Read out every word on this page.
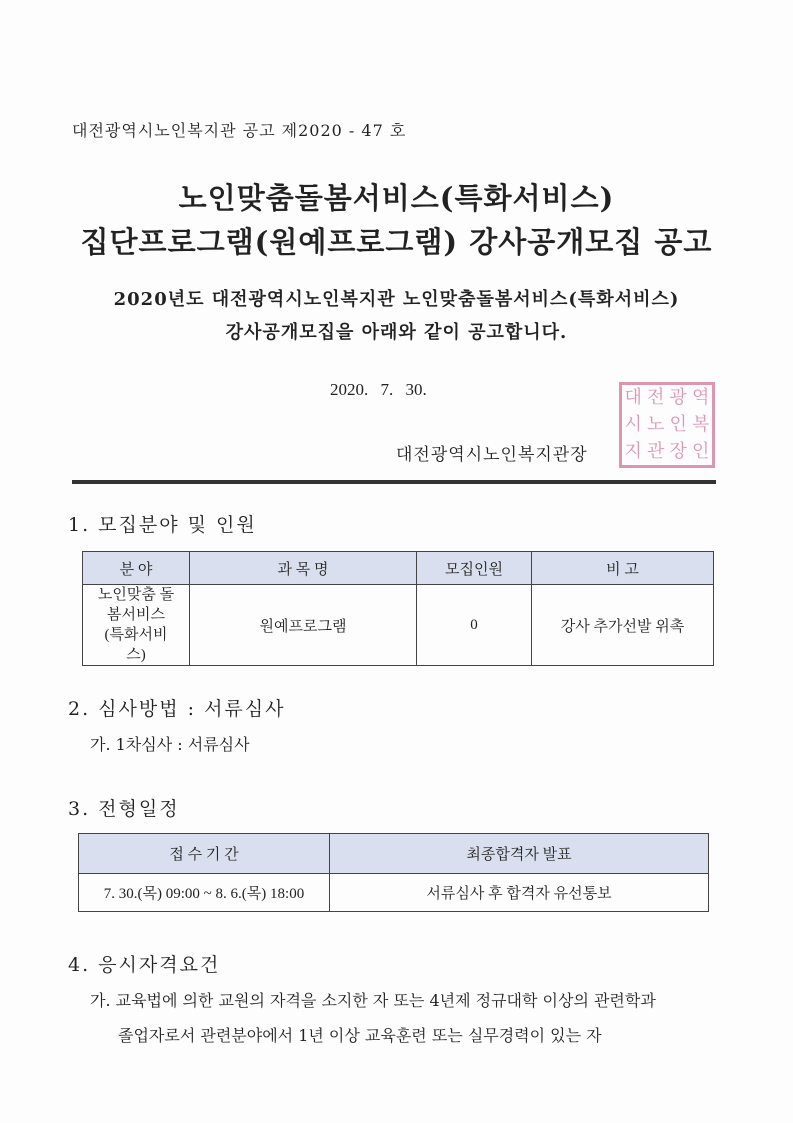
대전광역시노인복지관 공고 제2020 - 47 호
노인맞춤돌봄서비스(특화서비스)
집단프로그램(원예프로그램) 강사공개모집 공고
2020년도 대전광역시노인복지관 노인맞춤돌봄서비스(특화서비스)
강사공개모집을 아래와 같이 공고합니다.
2020. 7. 30.	대 전 광 역
시 노 인 복
지 관 장 인
대전광역시노인복지관장
1. 모집분야 및 인원
분 야	과 목 명	모집인원	비 고
노인맞춤 돌봄서비스 (특화서비스)	원예프로그램	0	강사 추가선발 위촉
2. 심사방법 : 서류심사
가. 1차심사 : 서류심사
3. 전형일정
접 수 기 간	최종합격자 발표
7. 30.(목) 09:00 ~ 8. 6.(목) 18:00	서류심사 후 합격자 유선통보
4. 응시자격요건
가. 교육법에 의한 교원의 자격을 소지한 자 또는 4년제 정규대학 이상의 관련학과
졸업자로서 관련분야에서 1년 이상 교육훈련 또는 실무경력이 있는 자
